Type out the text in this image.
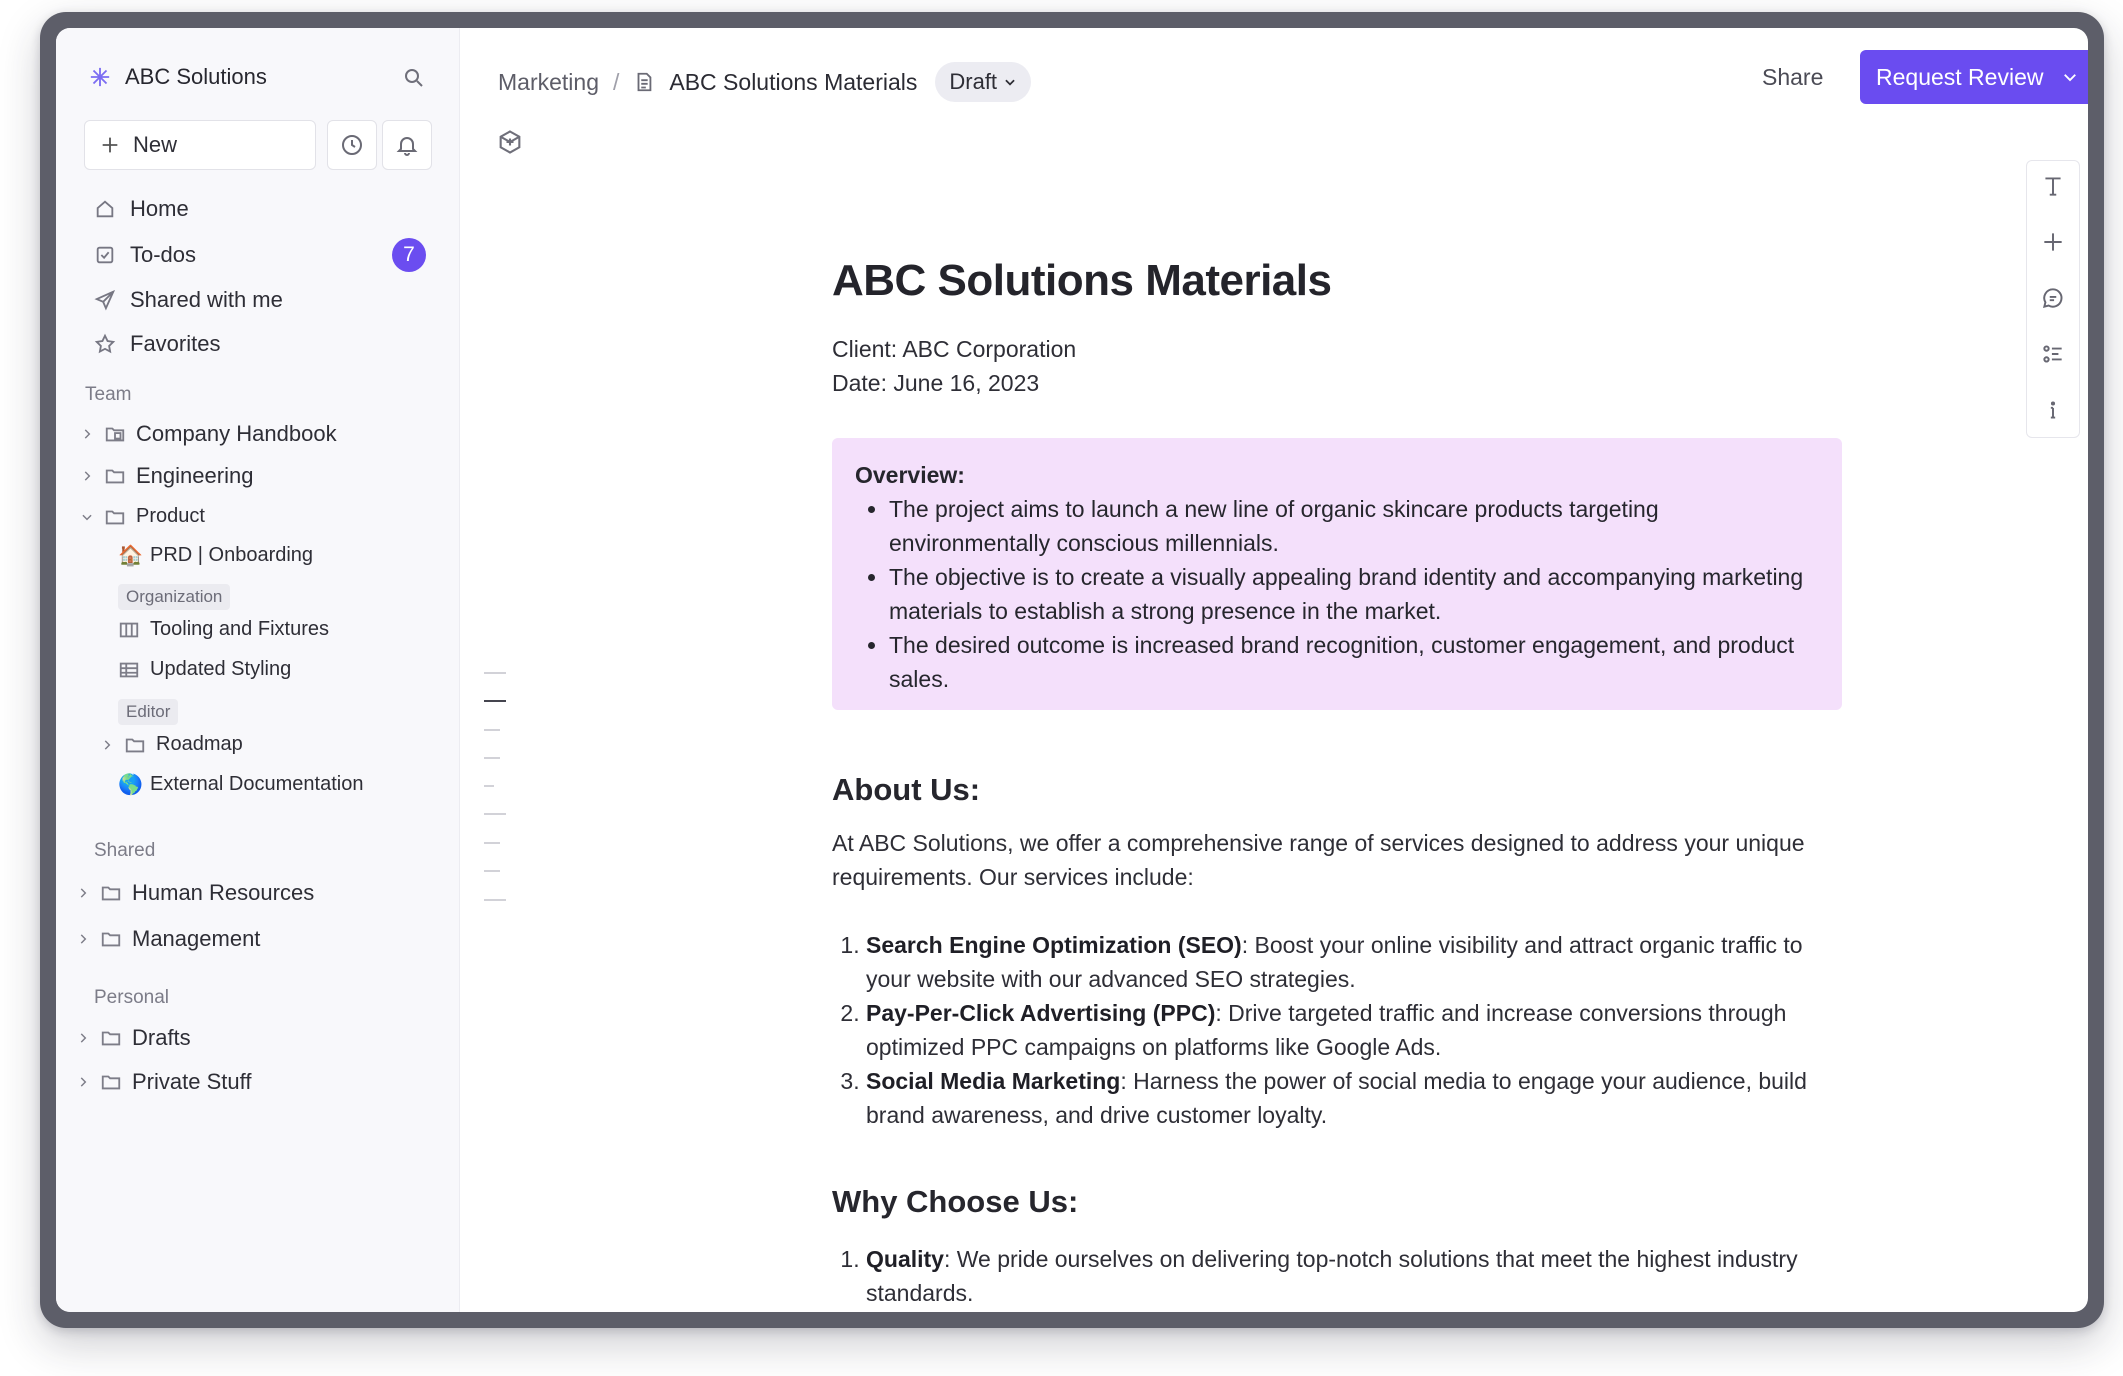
ABC Solutions
New
Home
To-dos	7
Shared with me
Favorites
Team
Company Handbook
Engineering
Product
🏠 PRD | Onboarding
Organization
Tooling and Fixtures
Updated Styling
Editor
Roadmap
🌎 External Documentation
Shared
Human Resources
Management
Personal
Drafts
Private Stuff
Marketing / ABC Solutions Materials Draft	Share Request Review
ABC Solutions Materials
Client: ABC Corporation
Date: June 16, 2023
Overview:
• The project aims to launch a new line of organic skincare products targeting environmentally conscious millennials.
• The objective is to create a visually appealing brand identity and accompanying marketing materials to establish a strong presence in the market.
• The desired outcome is increased brand recognition, customer engagement, and product sales.
About Us:

At ABC Solutions, we offer a comprehensive range of services designed to address your unique requirements. Our services include:

1. Search Engine Optimization (SEO): Boost your online visibility and attract organic traffic to your website with our advanced SEO strategies.
2. Pay-Per-Click Advertising (PPC): Drive targeted traffic and increase conversions through optimized PPC campaigns on platforms like Google Ads.
3. Social Media Marketing: Harness the power of social media to engage your audience, build brand awareness, and drive customer loyalty.
Why Choose Us:
1. Quality: We pride ourselves on delivering top-notch solutions that meet the highest industry standards.
